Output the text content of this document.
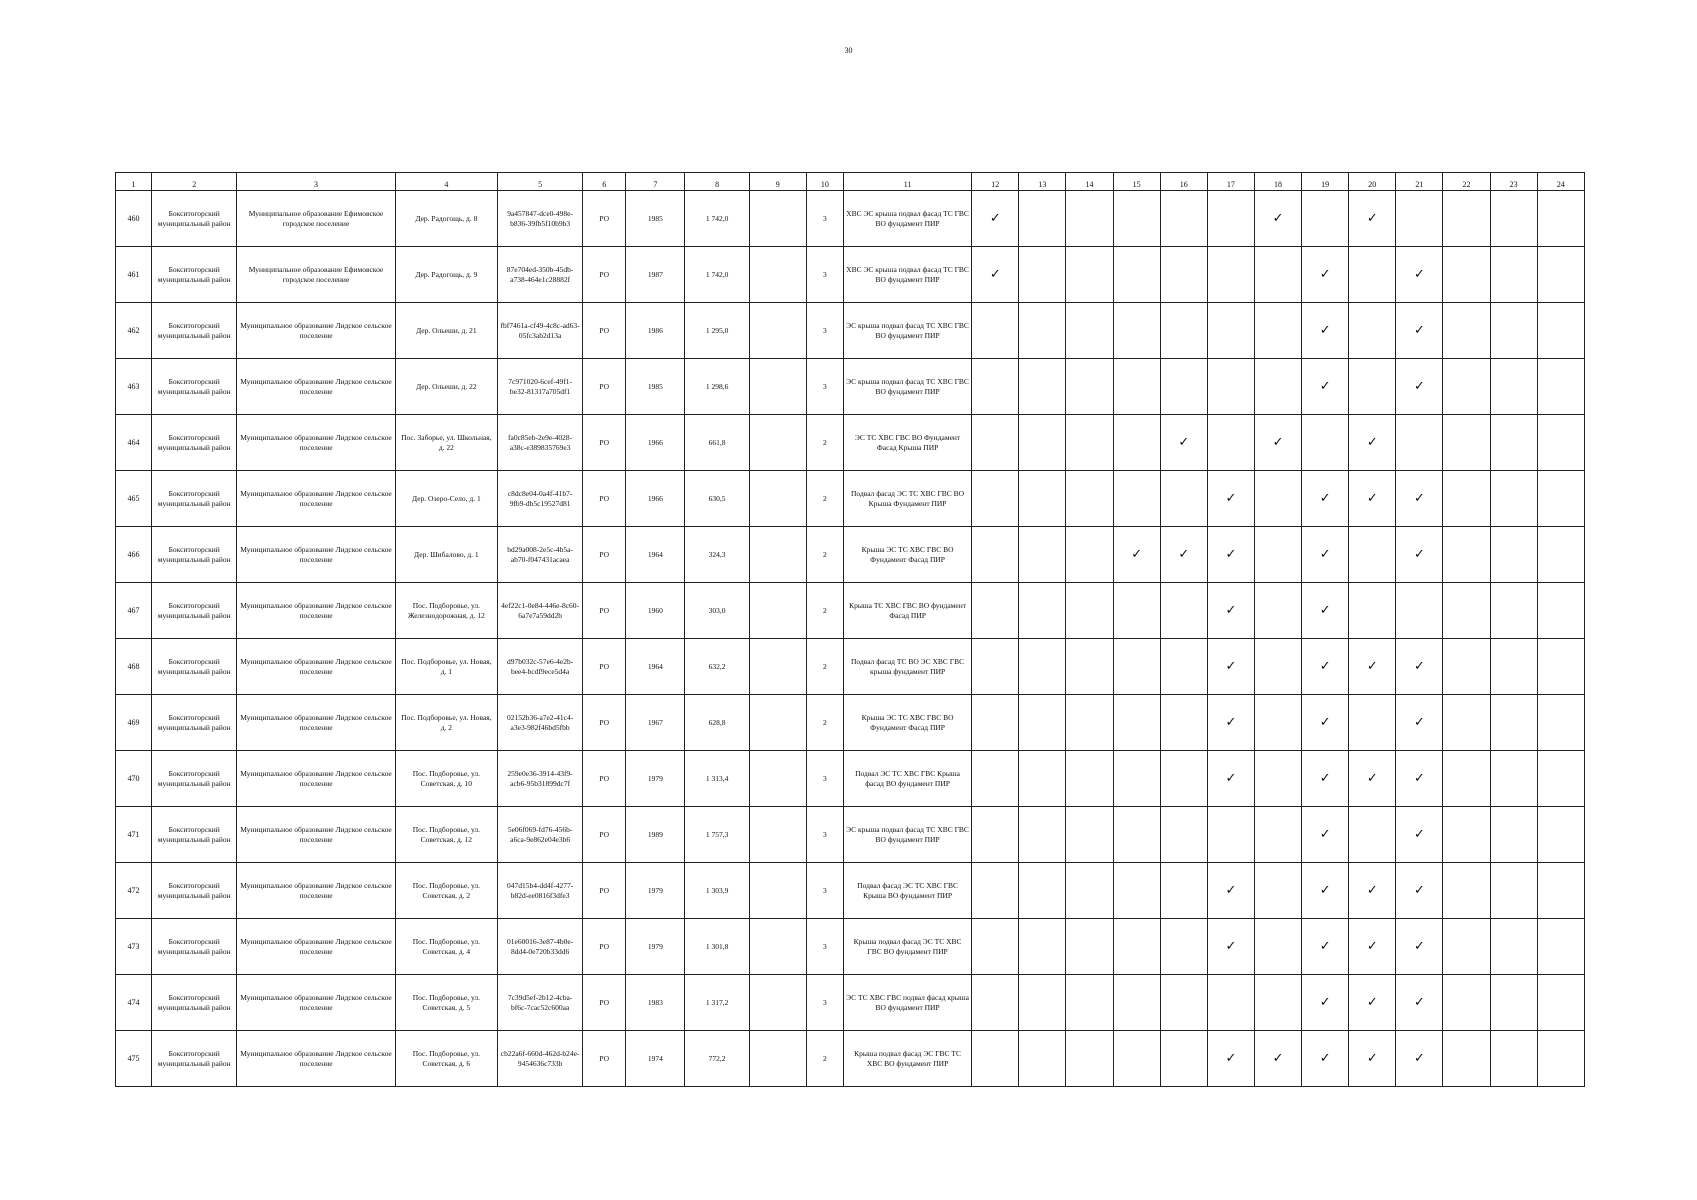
30
1	2	3	4	5	6	7	8	9	10	11	12	13	14	15	16	17	18	19	20	21	22	23	24
460	Бокситогорский муниципальный район	Муниципальное образование Ефимовское городское поселение	Дер. Радогощь, д. 8	9a457847-dce0-498e-b836-39fb5f10b9b3	РО	1985	1 742,0		3	ХВС ЭС крыша подвал фасад ТС ГВС ВО фундамент ПИР	✓						✓		✓				
461	Бокситогорский муниципальный район	Муниципальное образование Ефимовское городское поселение	Дер. Радогощь, д. 9	87e704ed-350b-45db-a738-464e1c28882f	РО	1987	1 742,0		3	ХВС ЭС крыша подвал фасад ТС ГВС ВО фундамент ПИР	✓							✓		✓			
462	Бокситогорский муниципальный район	Муниципальное образование Лидское сельское поселение	Дер. Ольеши, д. 21	fbf7461a-cf49-4c8c-ad63-05fc3ab2d13a	РО	1986	1 295,0		3	ЭС крыша подвал фасад ТС ХВС ГВС ВО фундамент ПИР								✓		✓			
463	Бокситогорский муниципальный район	Муниципальное образование Лидское сельское поселение	Дер. Ольеши, д. 22	7c971020-6cef-49f1-be32-81317a705df1	РО	1985	1 298,6		3	ЭС крыша подвал фасад ТС ХВС ГВС ВО фундамент ПИР								✓		✓			
464	Бокситогорский муниципальный район	Муниципальное образование Лидское сельское поселение	Пос. Заборье, ул. Школьная, д. 22	fa0c85eb-2e9e-4028-a38c-e389835769e3	РО	1966	661,8		2	ЭС ТС ХВС ГВС ВО Фундамент Фасад Крыша ПИР					✓		✓		✓				
465	Бокситогорский муниципальный район	Муниципальное образование Лидское сельское поселение	Дер. Озеро-Село, д. 1	c8dc8e04-0a4f-41b7-9fb9-db5c19527d81	РО	1966	630,5		2	Подвал фасад ЭС ТС ХВС ГВС ВО Крыша Фундамент ПИР						✓		✓	✓	✓			
466	Бокситогорский муниципальный район	Муниципальное образование Лидское сельское поселение	Дер. Шибалово, д. 1	bd29a008-2e5c-4b5a-ab70-f047431acaea	РО	1964	324,3		2	Крыша ЭС ТС ХВС ГВС ВО Фундамент Фасад ПИР				✓	✓	✓		✓		✓			
467	Бокситогорский муниципальный район	Муниципальное образование Лидское сельское поселение	Пос. Подборовье, ул. Железнодорожная, д. 12	4ef22c1-0e84-446e-8c60-6a7e7a59dd2b	РО	1960	303,0		2	Крыша ТС ХВС ГВС ВО фундамент Фасад ПИР						✓		✓					
468	Бокситогорский муниципальный район	Муниципальное образование Лидское сельское поселение	Пос. Подборовье, ул. Новая, д. 1	d97b032c-57e6-4e2b-bee4-bcdf9ece5d4a	РО	1964	632,2		2	Подвал фасад ТС ВО ЭС ХВС ГВС крыша фундамент ПИР						✓		✓	✓	✓			
469	Бокситогорский муниципальный район	Муниципальное образование Лидское сельское поселение	Пос. Подборовье, ул. Новая, д. 2	02152b36-a7e2-41c4-a3e3-982f46bd5fbb	РО	1967	628,8		2	Крыша ЭС ТС ХВС ГВС ВО Фундамент Фасад ПИР						✓		✓		✓			
470	Бокситогорский муниципальный район	Муниципальное образование Лидское сельское поселение	Пос. Подборовье, ул. Советская, д. 10	259e0e36-3914-43f9-acb6-95b31899dc7f	РО	1979	1 313,4		3	Подвал ЭС ТС ХВС ГВС Крыша фасад ВО фундамент ПИР						✓		✓	✓	✓			
471	Бокситогорский муниципальный район	Муниципальное образование Лидское сельское поселение	Пос. Подборовье, ул. Советская, д. 12	5e06f069-fd76-456b-a6ca-9e862e04e3b6	РО	1989	1 757,3		3	ЭС крыша подвал фасад ТС ХВС ГВС ВО фундамент ПИР								✓		✓			
472	Бокситогорский муниципальный район	Муниципальное образование Лидское сельское поселение	Пос. Подборовье, ул. Советская, д. 2	047d15b4-dd4f-4277-b82d-ee0816f3dfe3	РО	1979	1 303,9		3	Подвал фасад ЭС ТС ХВС ГВС Крыша ВО фундамент ПИР						✓		✓	✓	✓			
473	Бокситогорский муниципальный район	Муниципальное образование Лидское сельское поселение	Пос. Подборовье, ул. Советская, д. 4	01e60016-3e87-4b0e-8dd4-0e720b33dd6	РО	1979	1 301,8		3	Крыша подвал фасад ЭС ТС ХВС ГВС ВО фундамент ПИР						✓		✓	✓	✓			
474	Бокситогорский муниципальный район	Муниципальное образование Лидское сельское поселение	Пос. Подборовье, ул. Советская, д. 5	7c39d5ef-2b12-4cba-bf6c-7cac52c600aa	РО	1983	1 317,2		3	ЭС ТС ХВС ГВС подвал фасад крыша ВО фундамент ПИР								✓	✓	✓			
475	Бокситогорский муниципальный район	Муниципальное образование Лидское сельское поселение	Пос. Подборовье, ул. Советская, д. 6	cb22a6f-660d-462d-b24e-9454636c733b	РО	1974	772,2		2	Крыша подвал фасад ЭС ГВС ТС ХВС ВО фундамент ПИР						✓	✓	✓	✓	✓			
